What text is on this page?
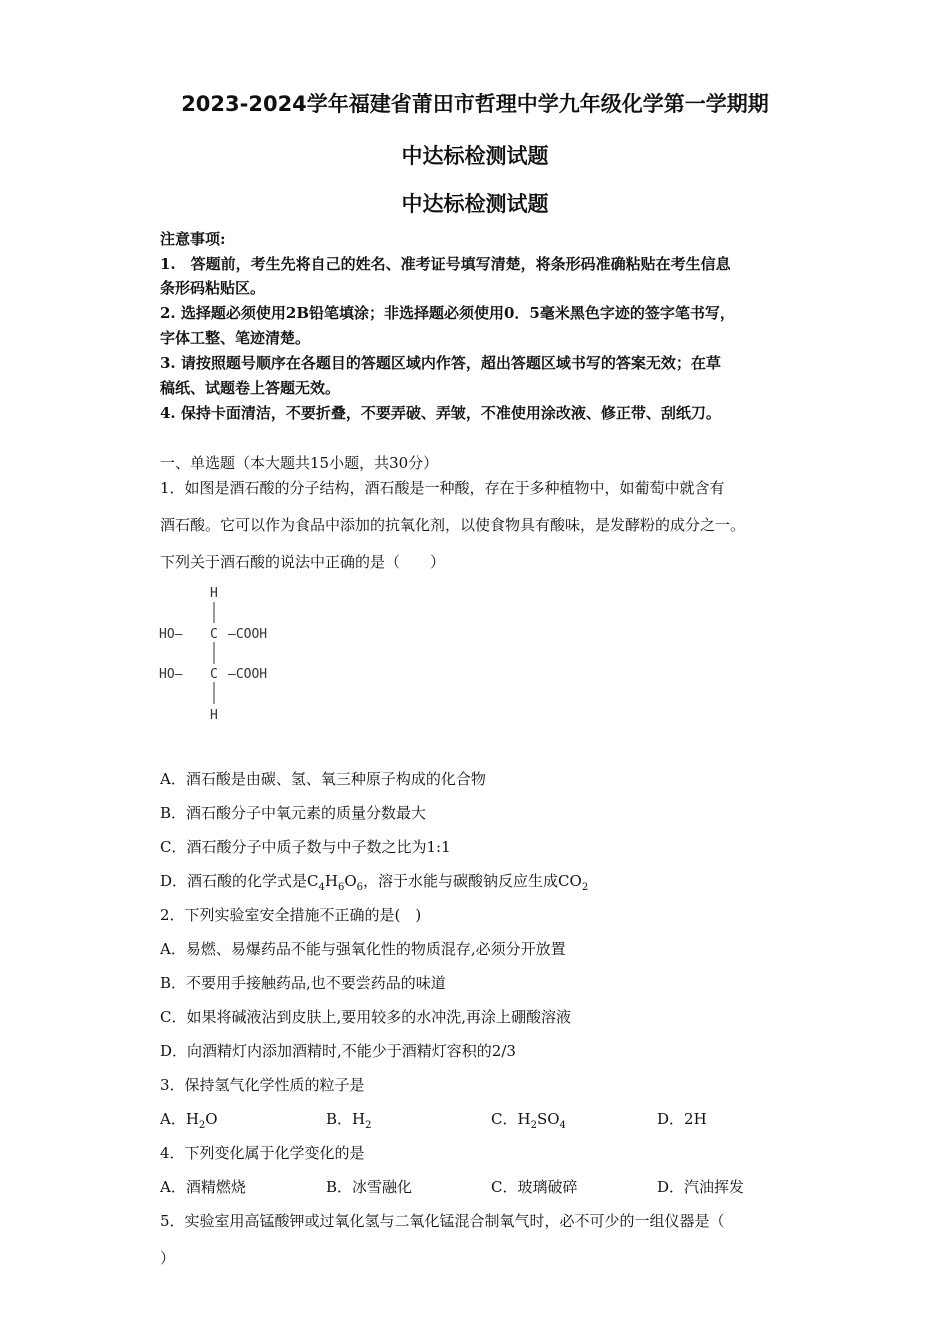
2023-2024学年福建省莆田市哲理中学九年级化学第一学期期
中达标检测试题
中达标检测试题
注意事项:
1.　答题前，考生先将自己的姓名、准考证号填写清楚，将条形码准确粘贴在考生信息
条形码粘贴区。
2. 选择题必须使用2B铅笔填涂；非选择题必须使用0．5毫米黑色字迹的签字笔书写，
字体工整、笔迹清楚。
3. 请按照题号顺序在各题目的答题区域内作答，超出答题区域书写的答案无效；在草
稿纸、试题卷上答题无效。
4. 保持卡面清洁，不要折叠，不要弄破、弄皱，不准使用涂改液、修正带、刮纸刀。
一、单选题（本大题共15小题，共30分）
1．如图是酒石酸的分子结构，酒石酸是一种酸，存在于多种植物中，如葡萄中就含有
酒石酸。它可以作为食品中添加的抗氧化剂，以使食物具有酸味，是发酵粉的成分之一。
下列关于酒石酸的说法中正确的是（　　）
H
HO— C —COOH
HO— C —COOH
H
A．酒石酸是由碳、氢、氧三种原子构成的化合物
B．酒石酸分子中氧元素的质量分数最大
C．酒石酸分子中质子数与中子数之比为1:1
D．酒石酸的化学式是$C_4H_6O_6$，溶于水能与碳酸钠反应生成$CO_2$
2．下列实验室安全措施不正确的是(　)
A．易燃、易爆药品不能与强氧化性的物质混存,必须分开放置
B．不要用手接触药品,也不要尝药品的味道
C．如果将碱液沾到皮肤上,要用较多的水冲洗,再涂上硼酸溶液
D．向酒精灯内添加酒精时,不能少于酒精灯容积的2/3
3．保持氢气化学性质的粒子是
A．$H_2O$	B．$H_2$	C．$H_2SO_4$	D．2H
4．下列变化属于化学变化的是
A．酒精燃烧	B．冰雪融化	C．玻璃破碎	D．汽油挥发
5．实验室用高锰酸钾或过氧化氢与二氧化锰混合制氧气时，必不可少的一组仪器是（
）
